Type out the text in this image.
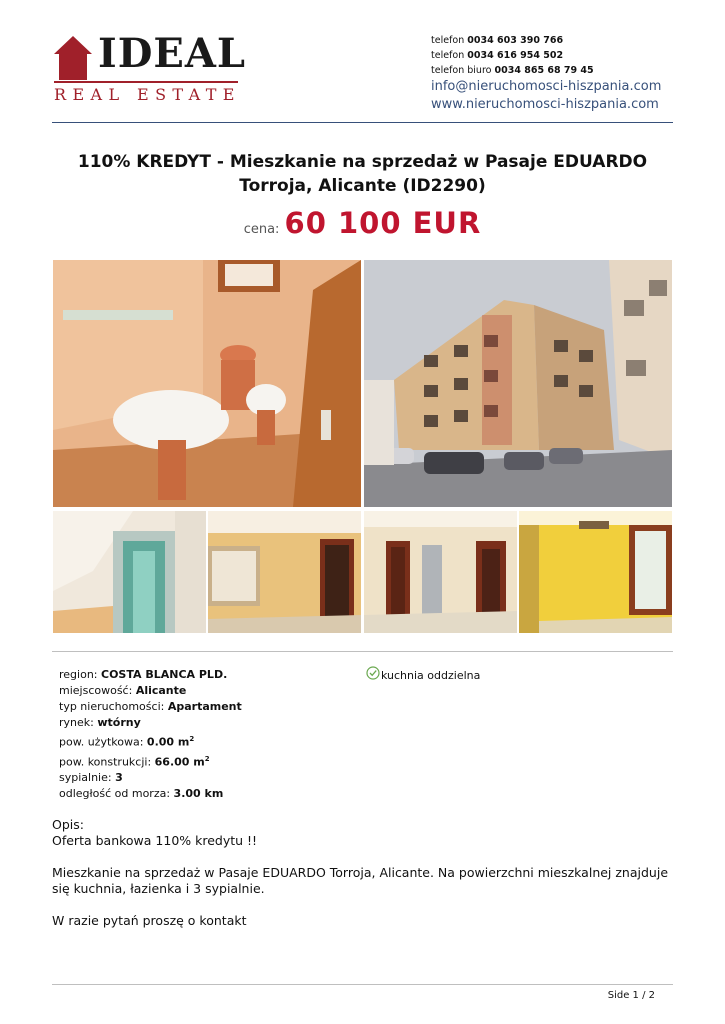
IDEAL
REAL ESTATE
telefon 0034 603 390 766
telefon 0034 616 954 502
telefon biuro 0034 865 68 79 45
info@nieruchomosci-hiszpania.com
www.nieruchomosci-hiszpania.com
110% KREDYT - Mieszkanie na sprzedaż w Pasaje EDUARDO Torroja, Alicante (ID2290)
cena: 60 100 EUR
region: COSTA BLANCA PLD.
miejscowość: Alicante
typ nieruchomości: Apartament
rynek: wtórny
pow. użytkowa: 0.00 $m^2$
pow. konstrukcji: 66.00 $m^2$
sypialnie: 3
odległość od morza: 3.00 km
kuchnia oddzielna

Opis:

Oferta bankowa 110% kredytu !!

Mieszkanie na sprzedaż w Pasaje EDUARDO Torroja, Alicante. Na powierzchni mieszkalnej znajduje się kuchnia, łazienka i 3 sypialnie.

W razie pytań proszę o kontakt

Side 1 / 2
